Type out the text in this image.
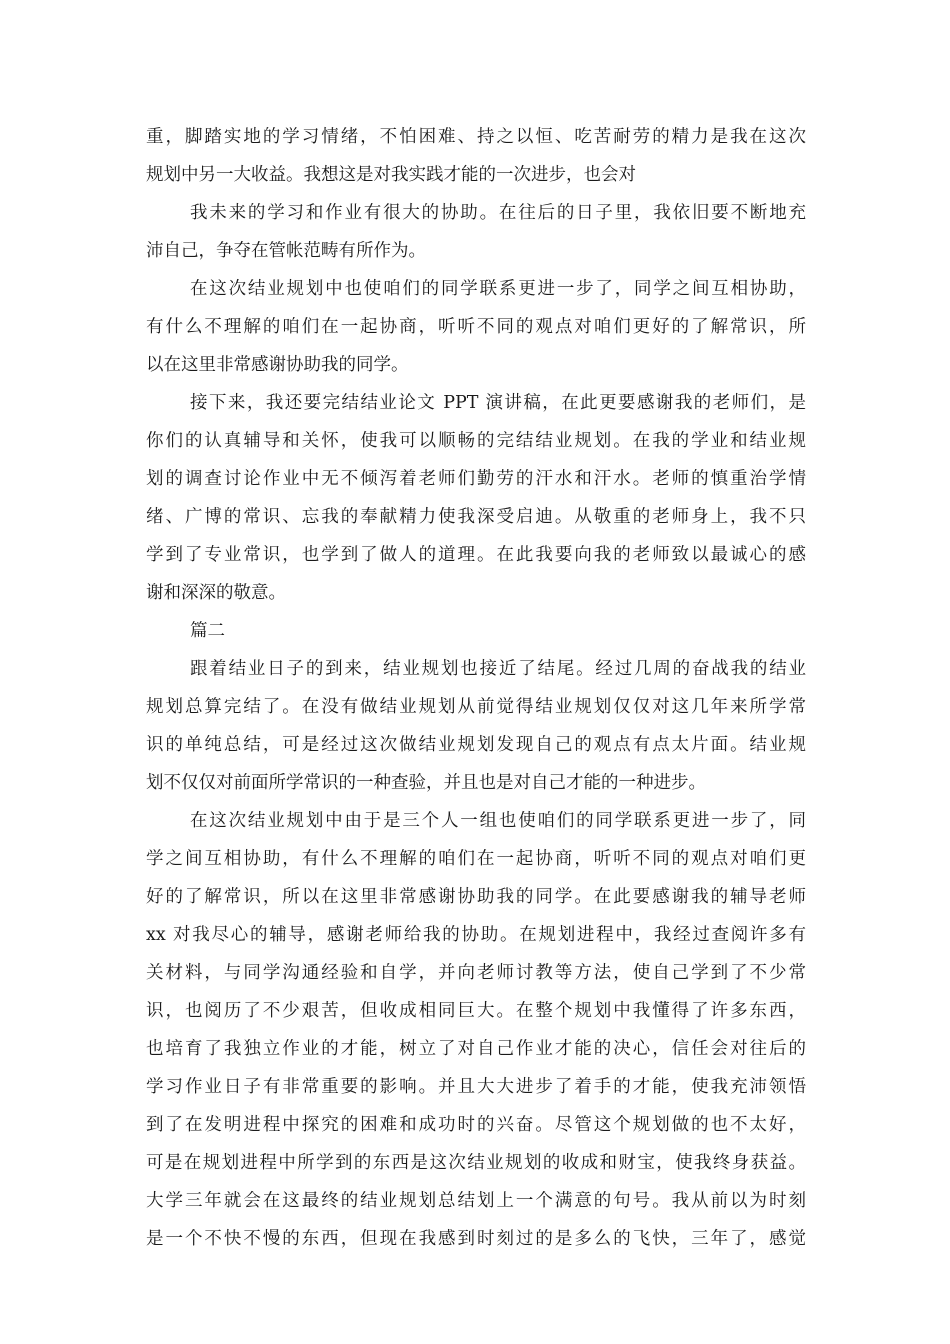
重，脚踏实地的学习情绪，不怕困难、持之以恒、吃苦耐劳的精力是我在这次
规划中另一大收益。我想这是对我实践才能的一次进步，也会对
我未来的学习和作业有很大的协助。在往后的日子里，我依旧要不断地充
沛自己，争夺在管帐范畴有所作为。
在这次结业规划中也使咱们的同学联系更进一步了，同学之间互相协助，
有什么不理解的咱们在一起协商，听听不同的观点对咱们更好的了解常识，所
以在这里非常感谢协助我的同学。
接下来，我还要完结结业论文 PPT 演讲稿，在此更要感谢我的老师们，是
你们的认真辅导和关怀，使我可以顺畅的完结结业规划。在我的学业和结业规
划的调查讨论作业中无不倾泻着老师们勤劳的汗水和汗水。老师的慎重治学情
绪、广博的常识、忘我的奉献精力使我深受启迪。从敬重的老师身上，我不只
学到了专业常识，也学到了做人的道理。在此我要向我的老师致以最诚心的感
谢和深深的敬意。
篇二
跟着结业日子的到来，结业规划也接近了结尾。经过几周的奋战我的结业
规划总算完结了。在没有做结业规划从前觉得结业规划仅仅对这几年来所学常
识的单纯总结，可是经过这次做结业规划发现自己的观点有点太片面。结业规
划不仅仅对前面所学常识的一种查验，并且也是对自己才能的一种进步。
在这次结业规划中由于是三个人一组也使咱们的同学联系更进一步了，同
学之间互相协助，有什么不理解的咱们在一起协商，听听不同的观点对咱们更
好的了解常识，所以在这里非常感谢协助我的同学。在此要感谢我的辅导老师
xx 对我尽心的辅导，感谢老师给我的协助。在规划进程中，我经过查阅许多有
关材料，与同学沟通经验和自学，并向老师讨教等方法，使自己学到了不少常
识，也阅历了不少艰苦，但收成相同巨大。在整个规划中我懂得了许多东西，
也培育了我独立作业的才能，树立了对自己作业才能的决心，信任会对往后的
学习作业日子有非常重要的影响。并且大大进步了着手的才能，使我充沛领悟
到了在发明进程中探究的困难和成功时的兴奋。尽管这个规划做的也不太好，
可是在规划进程中所学到的东西是这次结业规划的收成和财宝，使我终身获益。
大学三年就会在这最终的结业规划总结划上一个满意的句号。我从前以为时刻
是一个不快不慢的东西，但现在我感到时刻过的是多么的飞快，三年了，感觉
